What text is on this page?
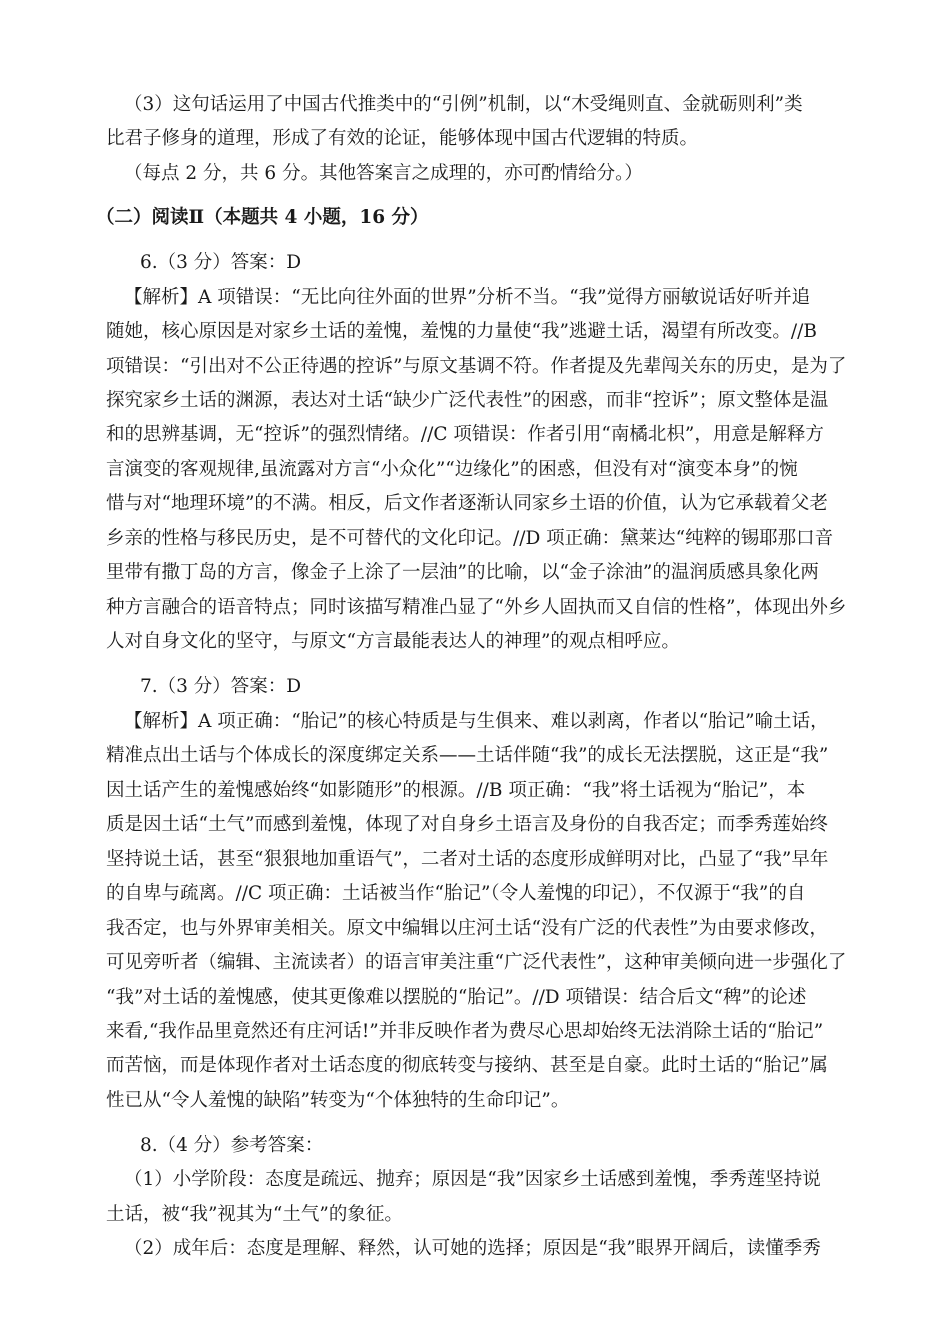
（3）这句话运用了中国古代推类中的“引例”机制，以“木受绳则直、金就砺则利”类
比君子修身的道理，形成了有效的论证，能够体现中国古代逻辑的特质。
（每点 2 分，共 6 分。其他答案言之成理的，亦可酌情给分。）
（二）阅读Ⅱ（本题共 4 小题，16 分）
6.（3 分）答案：D
【解析】A 项错误：“无比向往外面的世界”分析不当。“我”觉得方丽敏说话好听并追
随她，核心原因是对家乡土话的羞愧，羞愧的力量使“我”逃避土话，渴望有所改变。//B
项错误：“引出对不公正待遇的控诉”与原文基调不符。作者提及先辈闯关东的历史，是为了
探究家乡土话的渊源，表达对土话“缺少广泛代表性”的困惑，而非“控诉”；原文整体是温
和的思辨基调，无“控诉”的强烈情绪。//C 项错误：作者引用“南橘北枳”，用意是解释方
言演变的客观规律,虽流露对方言“小众化”“边缘化”的困惑，但没有对“演变本身”的惋
惜与对“地理环境”的不满。相反，后文作者逐渐认同家乡土语的价值，认为它承载着父老
乡亲的性格与移民历史，是不可替代的文化印记。//D 项正确：黛莱达“纯粹的锡耶那口音
里带有撒丁岛的方言，像金子上涂了一层油”的比喻，以“金子涂油”的温润质感具象化两
种方言融合的语音特点；同时该描写精准凸显了“外乡人固执而又自信的性格”，体现出外乡
人对自身文化的坚守，与原文“方言最能表达人的神理”的观点相呼应。
7.（3 分）答案：D
【解析】A 项正确：“胎记”的核心特质是与生俱来、难以剥离，作者以“胎记”喻土话，
精准点出土话与个体成长的深度绑定关系——土话伴随“我”的成长无法摆脱，这正是“我”
因土话产生的羞愧感始终“如影随形”的根源。//B 项正确：“我”将土话视为“胎记”，本
质是因土话“土气”而感到羞愧，体现了对自身乡土语言及身份的自我否定；而季秀莲始终
坚持说土话，甚至“狠狠地加重语气”，二者对土话的态度形成鲜明对比，凸显了“我”早年
的自卑与疏离。//C 项正确：土话被当作“胎记”（令人羞愧的印记），不仅源于“我”的自
我否定，也与外界审美相关。原文中编辑以庄河土话“没有广泛的代表性”为由要求修改，
可见旁听者（编辑、主流读者）的语言审美注重“广泛代表性”，这种审美倾向进一步强化了
“我”对土话的羞愧感，使其更像难以摆脱的“胎记”。//D 项错误：结合后文“稗”的论述
来看,“我作品里竟然还有庄河话!”并非反映作者为费尽心思却始终无法消除土话的“胎记”
而苦恼，而是体现作者对土话态度的彻底转变与接纳、甚至是自豪。此时土话的“胎记”属
性已从“令人羞愧的缺陷”转变为“个体独特的生命印记”。
8.（4 分）参考答案：
（1）小学阶段：态度是疏远、抛弃；原因是“我”因家乡土话感到羞愧，季秀莲坚持说
土话，被“我”视其为“土气”的象征。
（2）成年后：态度是理解、释然，认可她的选择；原因是“我”眼界开阔后，读懂季秀
